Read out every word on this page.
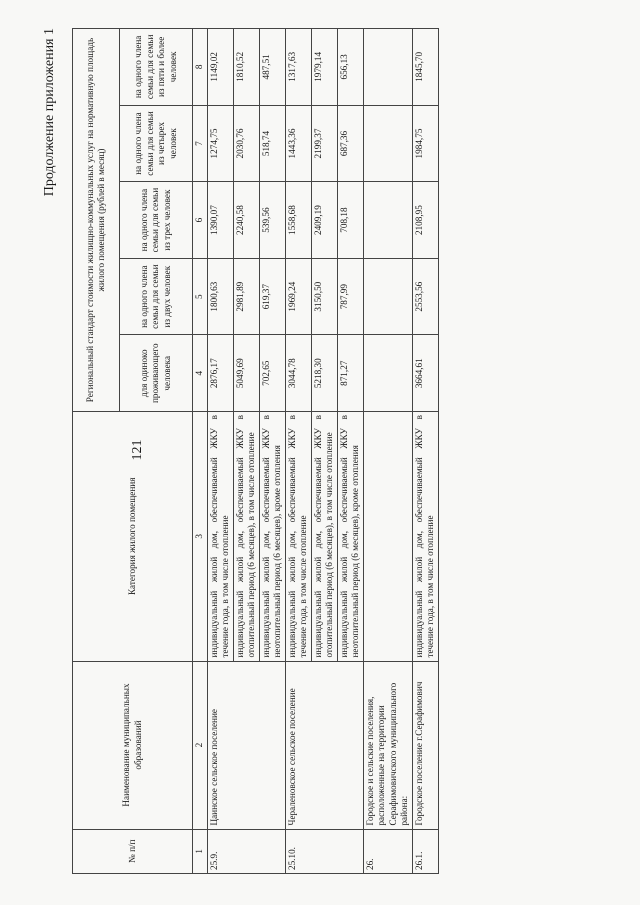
Продолжение приложения 1
121
№ п/п	Наименование муниципальных образований	Категория жилого помещения	Региональный стандарт стоимости жилищно-коммунальных услуг на нормативную площадь жилого помещения (рублей в месяц)				
			для одиноко проживающего человека	на одного члена семьи для семьи из двух человек	на одного члена семьи для семьи из трех человек	на одного члена семьи для семьи из четырех человек	на одного члена семьи для семьи из пяти и более человек
1	2	3	4	5	6	7	8
25.9.	Цаинское сельское поселение	индивидуальный жилой дом, обеспечиваемый ЖКУ в течение года, в том числе отопление	2876,17	1800,63	1390,07	1274,75	1149,02
		индивидуальный жилой дом, обеспечиваемый ЖКУ в отопительный период (6 месяцев), в том числе отопление	5049,69	2981,89	2240,58	2030,76	1810,52
		индивидуальный жилой дом, обеспечиваемый ЖКУ в неотопительный период (6 месяцев), кроме отопления	702,65	619,37	539,56	518,74	487,51
25.10.	Чераленовское сельское поселение	индивидуальный жилой дом, обеспечиваемый ЖКУ в течение года, в том числе отопление	3044,78	1969,24	1558,68	1443,36	1317,63
		индивидуальный жилой дом, обеспечиваемый ЖКУ в отопительный период (6 месяцев), в том числе отопление	5218,30	3150,50	2409,19	2199,37	1979,14
		индивидуальный жилой дом, обеспечиваемый ЖКУ в неотопительный период (6 месяцев), кроме отопления	871,27	787,99	708,18	687,36	656,13
26.	Городское и сельские поселения, расположенные на территории Серафимовичского муниципального района:						
26.1.	Городское поселение г.Серафимович	индивидуальный жилой дом, обеспечиваемый ЖКУ в течение года, в том числе отопление	3664,61	2553,56	2108,95	1984,75	1845,70
